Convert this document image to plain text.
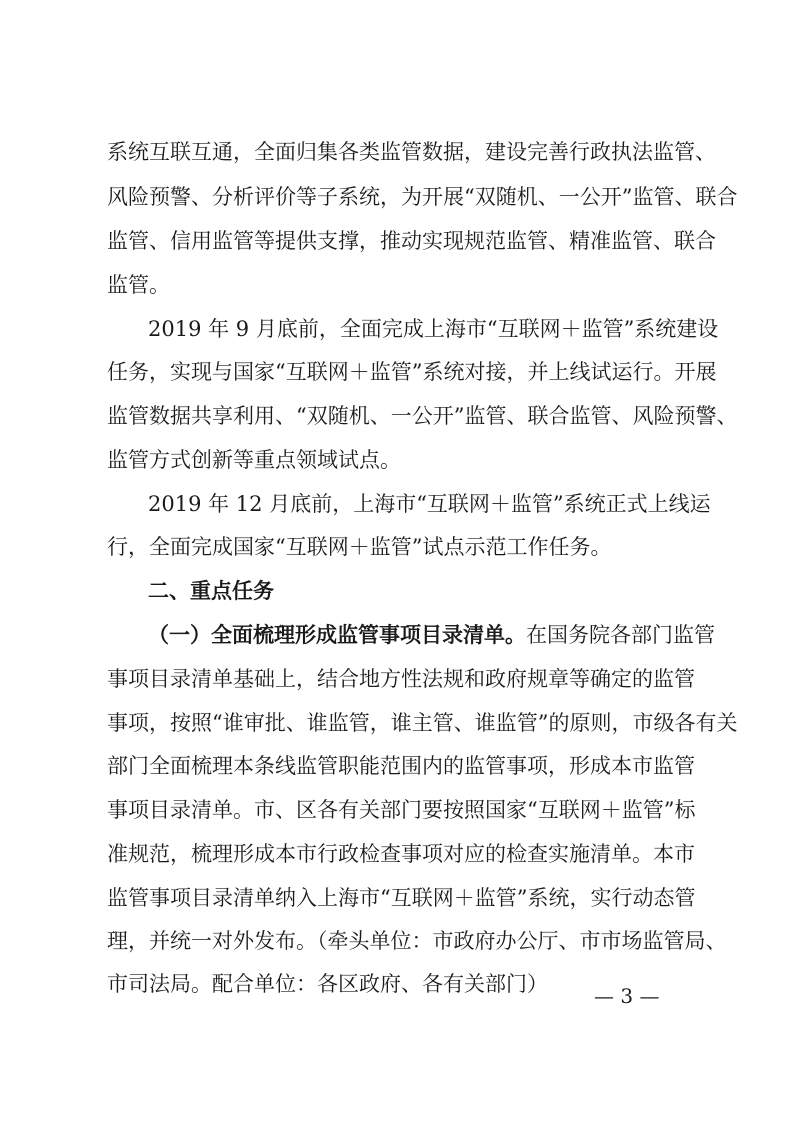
系统互联互通，全面归集各类监管数据，建设完善行政执法监管、
风险预警、分析评价等子系统，为开展“双随机、一公开”监管、联合
监管、信用监管等提供支撑，推动实现规范监管、精准监管、联合
监管。
2019 年 9 月底前，全面完成上海市“互联网＋监管”系统建设
任务，实现与国家“互联网＋监管”系统对接，并上线试运行。开展
监管数据共享利用、“双随机、一公开”监管、联合监管、风险预警、
监管方式创新等重点领域试点。
2019 年 12 月底前，上海市“互联网＋监管”系统正式上线运
行，全面完成国家“互联网＋监管”试点示范工作任务。
二、重点任务
（一）全面梳理形成监管事项目录清单。在国务院各部门监管
事项目录清单基础上，结合地方性法规和政府规章等确定的监管
事项，按照“谁审批、谁监管，谁主管、谁监管”的原则，市级各有关
部门全面梳理本条线监管职能范围内的监管事项，形成本市监管
事项目录清单。市、区各有关部门要按照国家“互联网＋监管”标
准规范，梳理形成本市行政检查事项对应的检查实施清单。本市
监管事项目录清单纳入上海市“互联网＋监管”系统，实行动态管
理，并统一对外发布。（牵头单位：市政府办公厅、市市场监管局、
市司法局。配合单位：各区政府、各有关部门）	— 3 —
